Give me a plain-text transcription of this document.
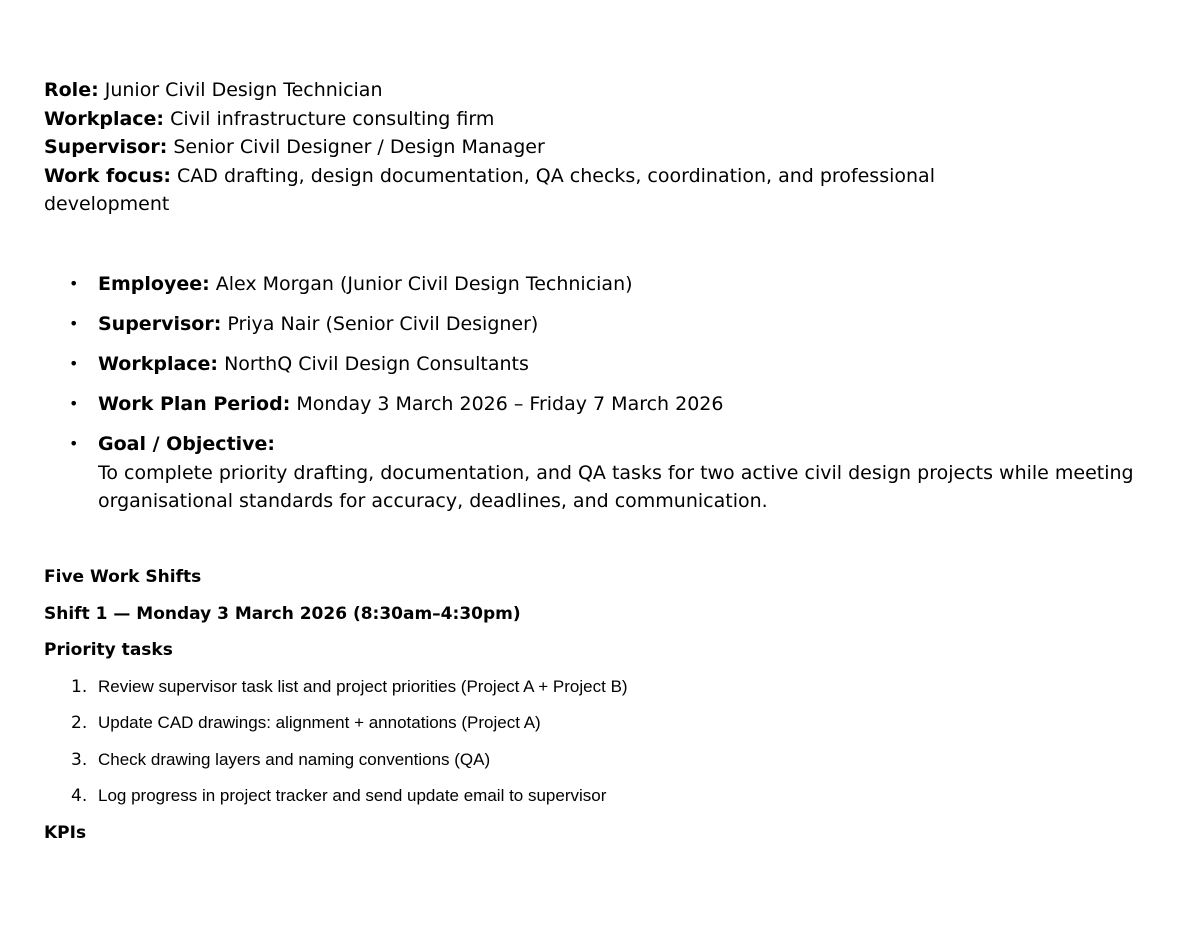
Role: Junior Civil Design Technician

Workplace: Civil infrastructure consulting firm

Supervisor: Senior Civil Designer / Design Manager

Work focus: CAD drafting, design documentation, QA checks, coordination, and professional development

• Employee: Alex Morgan (Junior Civil Design Technician)
• Supervisor: Priya Nair (Senior Civil Designer)
• Workplace: NorthQ Civil Design Consultants
• Work Plan Period: Monday 3 March 2026 – Friday 7 March 2026
• Goal / Objective:
To complete priority drafting, documentation, and QA tasks for two active civil design projects while meeting organisational standards for accuracy, deadlines, and communication.
Five Work Shifts
Shift 1 — Monday 3 March 2026 (8:30am–4:30pm)
Priority tasks
1. Review supervisor task list and project priorities (Project A + Project B)
2. Update CAD drawings: alignment + annotations (Project A)
3. Check drawing layers and naming conventions (QA)
4. Log progress in project tracker and send update email to supervisor
KPIs
